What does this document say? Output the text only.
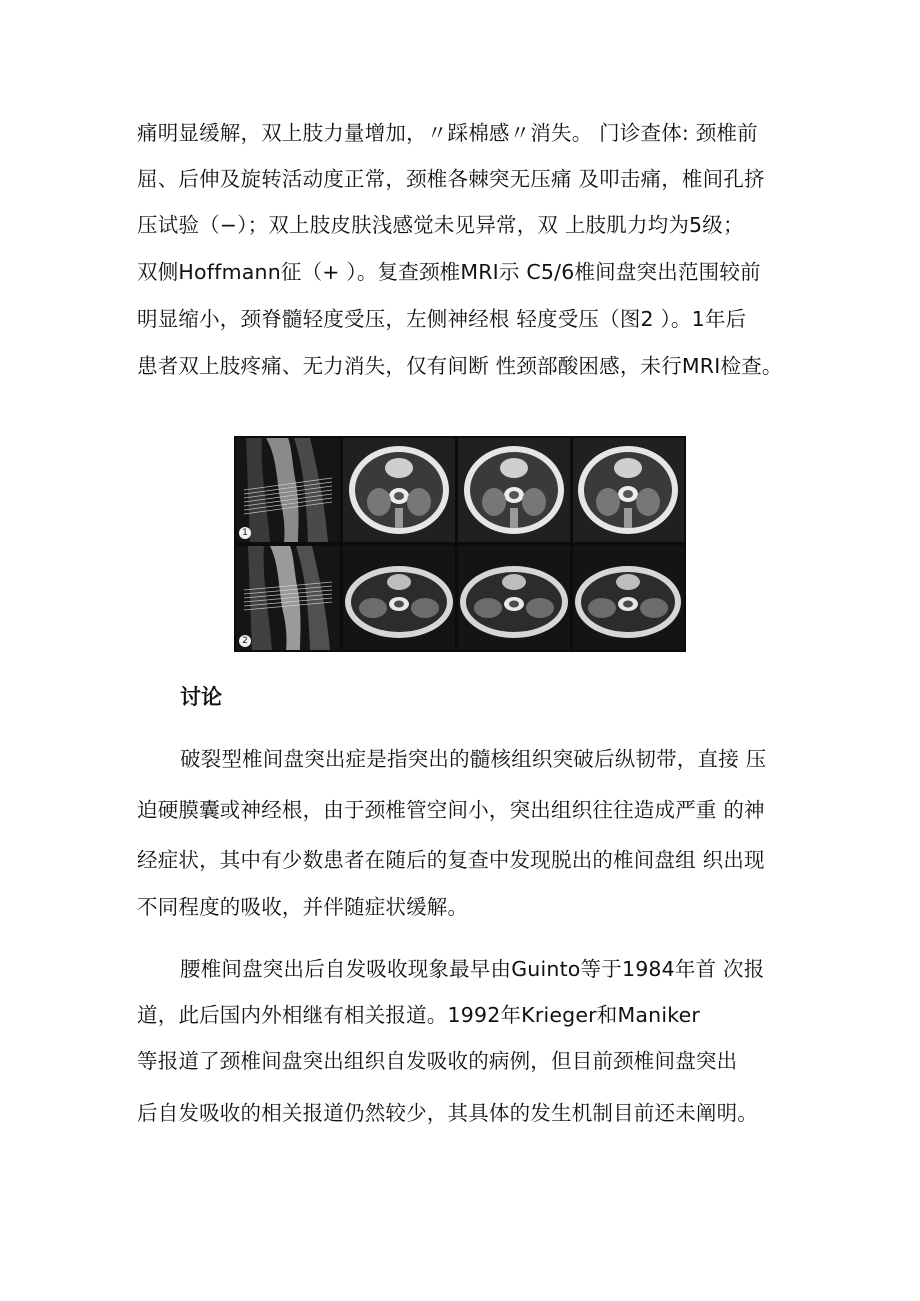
痛明显缓解，双上肢力量增加，〃踩棉感〃消失。 门诊查体: 颈椎前
屈、后伸及旋转活动度正常，颈椎各棘突无压痛 及叩击痛，椎间孔挤
压试验（−）；双上肢皮肤浅感觉未见异常，双 上肢肌力均为5级；
双侧Hoffmann征（+ ）。复查颈椎MRI示 C5/6椎间盘突出范围较前
明显缩小，颈脊髓轻度受压，左侧神经根 轻度受压（图2 ）。1年后
患者双上肢疼痛、无力消失，仅有间断 性颈部酸困感，未行MRI检查。
1
2
讨论
破裂型椎间盘突出症是指突出的髓核组织突破后纵韧带，直接 压
迫硬膜囊或神经根，由于颈椎管空间小，突出组织往往造成严重 的神
经症状，其中有少数患者在随后的复查中发现脱出的椎间盘组 织出现
不同程度的吸收，并伴随症状缓解。
腰椎间盘突出后自发吸收现象最早由Guinto等于1984年首 次报
道，此后国内外相继有相关报道。1992年Krieger和Maniker
等报道了颈椎间盘突出组织自发吸收的病例，但目前颈椎间盘突出
后自发吸收的相关报道仍然较少，其具体的发生机制目前还未阐明。
